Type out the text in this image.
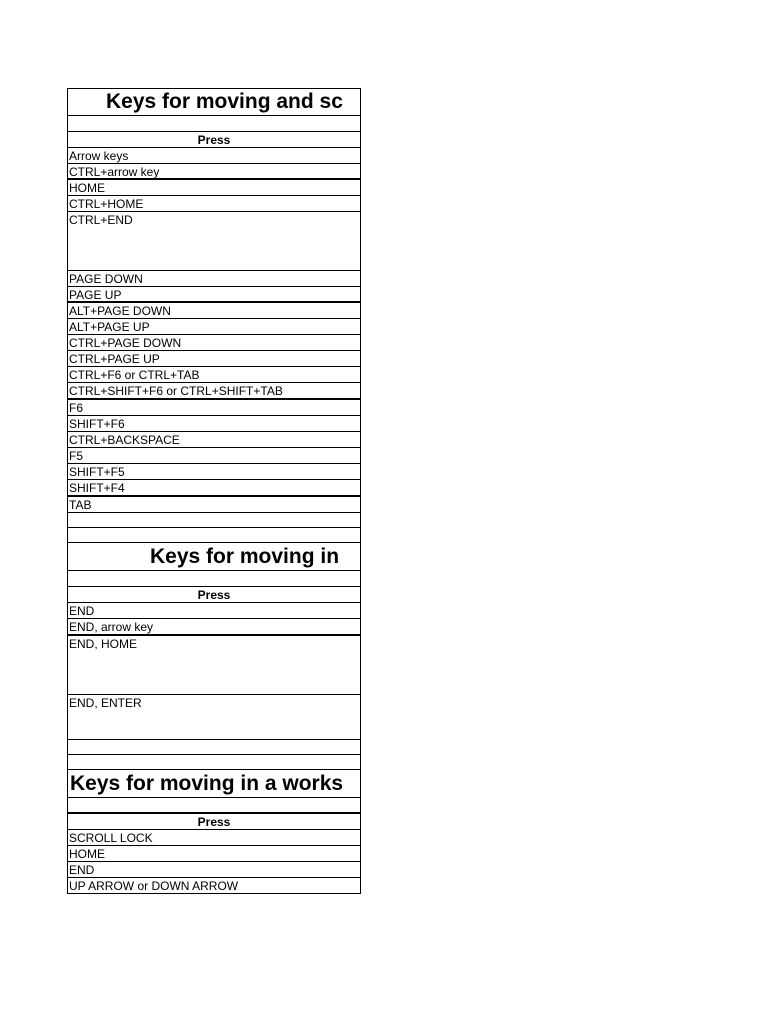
Keys for moving and sc
Press
Arrow keys
CTRL+arrow key
HOME
CTRL+HOME
CTRL+END
PAGE DOWN
PAGE UP
ALT+PAGE DOWN
ALT+PAGE UP
CTRL+PAGE DOWN
CTRL+PAGE UP
CTRL+F6 or CTRL+TAB
CTRL+SHIFT+F6 or CTRL+SHIFT+TAB
F6
SHIFT+F6
CTRL+BACKSPACE
F5
SHIFT+F5
SHIFT+F4
TAB
Keys for moving in
Press
END
END, arrow key
END, HOME
END, ENTER
Keys for moving in a works
Press
SCROLL LOCK
HOME
END
UP ARROW or DOWN ARROW
